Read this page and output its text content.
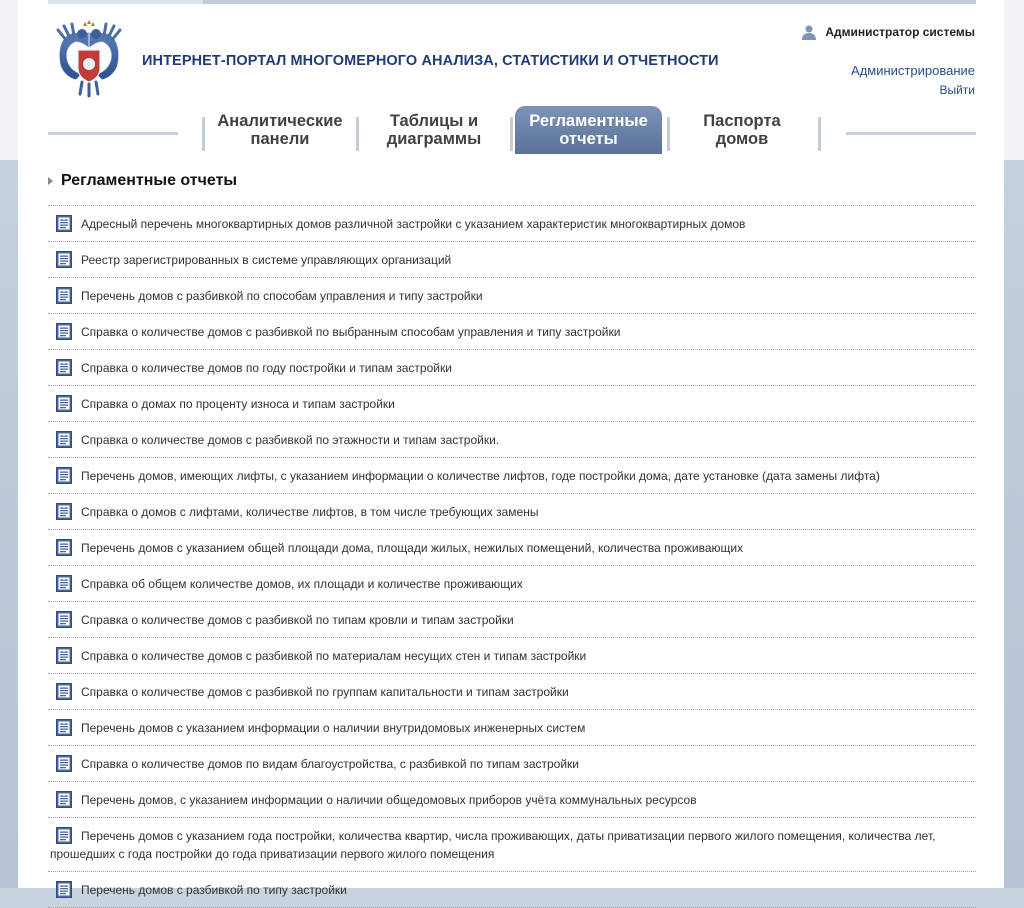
ИНТЕРНЕТ-ПОРТАЛ МНОГОМЕРНОГО АНАЛИЗА, СТАТИСТИКИ И ОТЧЕТНОСТИ
Администратор системы
Администрирование
Выйти
Аналитические
панели
Таблицы и
диаграммы
Регламентные
отчеты
Паспорта
домов
Регламентные отчеты
Адресный перечень многоквартирных домов различной застройки с указанием характеристик многоквартирных домов
Реестр зарегистрированных в системе управляющих организаций
Перечень домов с разбивкой по способам управления и типу застройки
Справка о количестве домов с разбивкой по выбранным способам управления и типу застройки
Справка о количестве домов по году постройки и типам застройки
Справка о домах по проценту износа и типам застройки
Справка о количестве домов с разбивкой по этажности и типам застройки.
Перечень домов, имеющих лифты, с указанием информации о количестве лифтов, годе постройки дома, дате установке (дата замены лифта)
Справка о домов с лифтами, количестве лифтов, в том числе требующих замены
Перечень домов с указанием общей площади дома, площади жилых, нежилых помещений, количества проживающих
Справка об общем количестве домов, их площади и количестве проживающих
Справка о количестве домов с разбивкой по типам кровли и типам застройки
Справка о количестве домов с разбивкой по материалам несущих стен и типам застройки
Справка о количестве домов с разбивкой по группам капитальности и типам застройки
Перечень домов с указанием информации о наличии внутридомовых инженерных систем
Справка о количестве домов по видам благоустройства, с разбивкой по типам застройки
Перечень домов, с указанием информации о наличии общедомовых приборов учёта коммунальных ресурсов
Перечень домов с указанием года постройки, количества квартир, числа проживающих, даты приватизации первого жилого помещения, количества лет, прошедших с года постройки до года приватизации первого жилого помещения
Перечень домов с разбивкой по типу застройки
